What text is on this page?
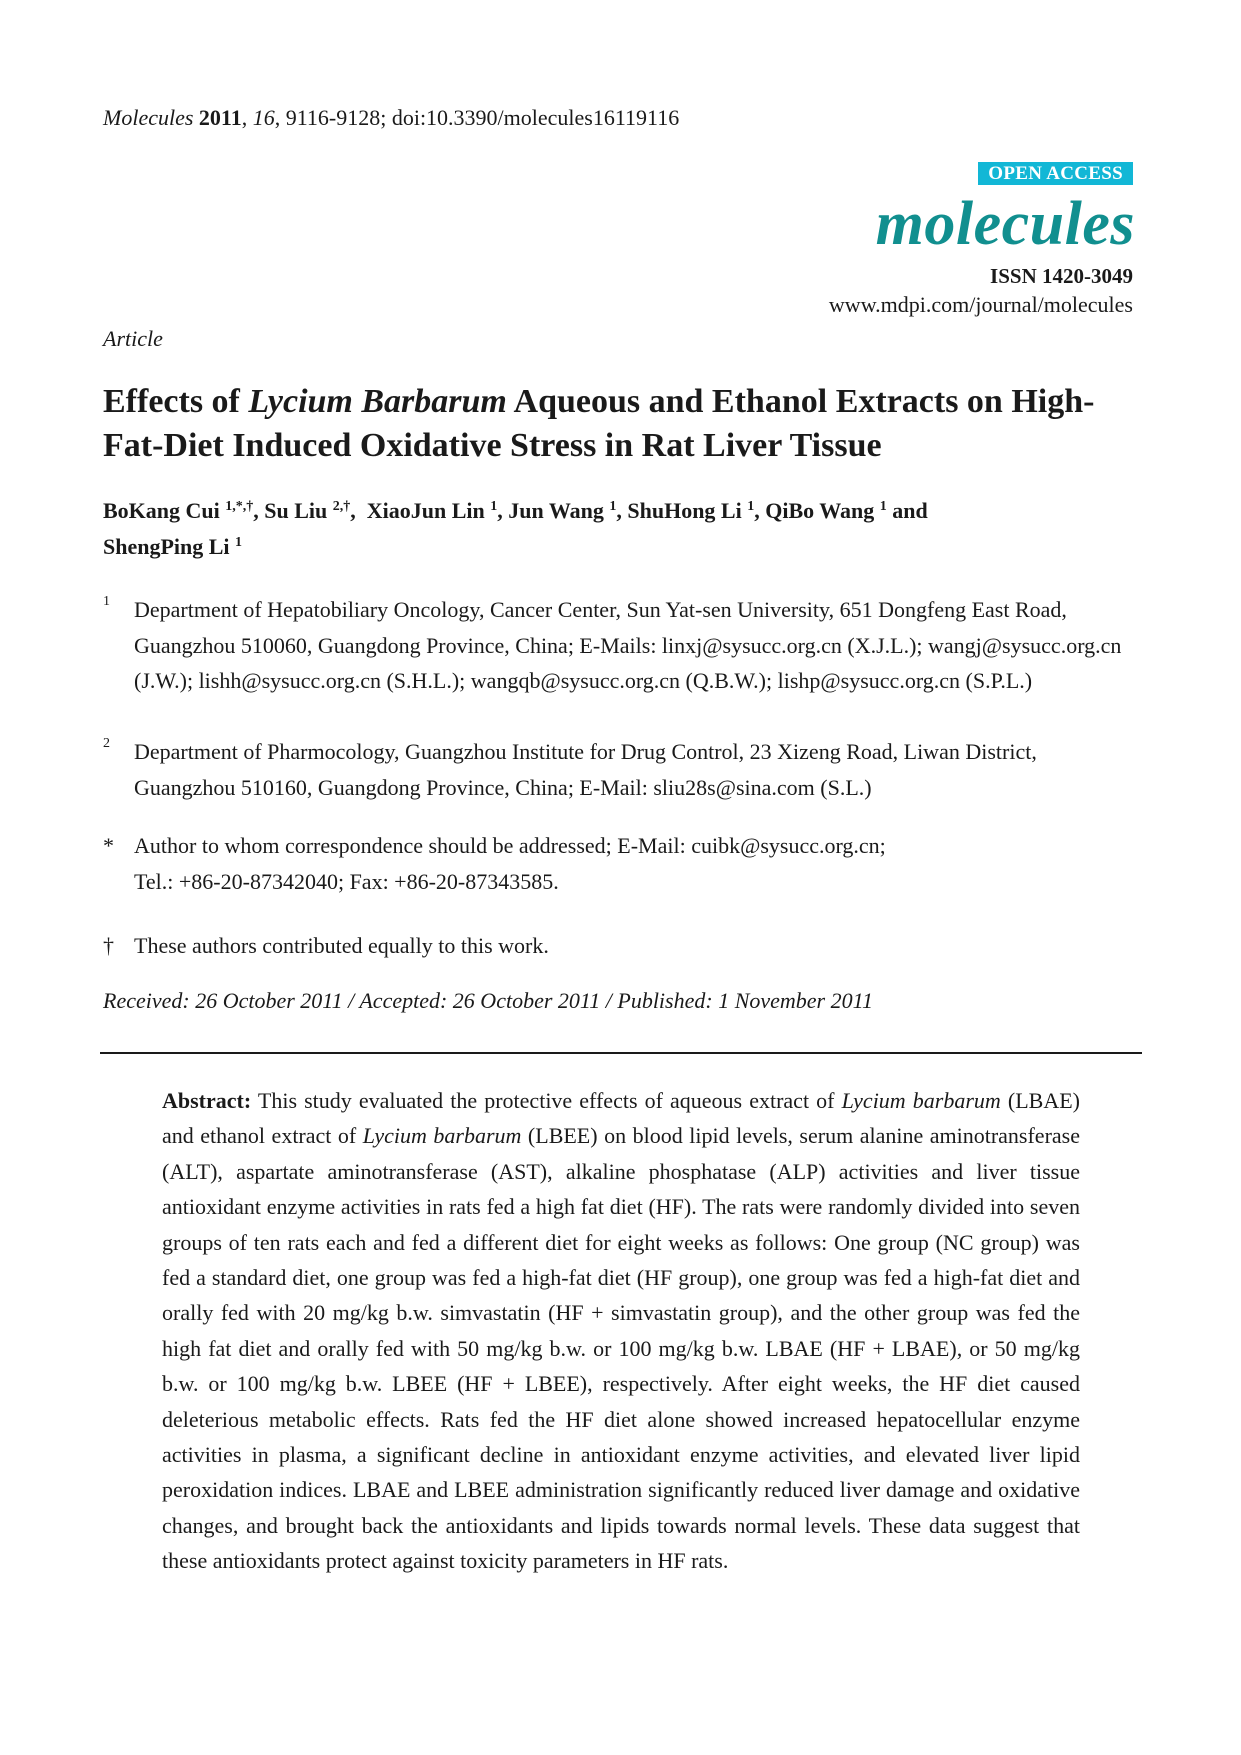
Molecules 2011, 16, 9116-9128; doi:10.3390/molecules16119116
OPEN ACCESS
molecules
ISSN 1420-3049
www.mdpi.com/journal/molecules
Article
Effects of Lycium Barbarum Aqueous and Ethanol Extracts on High-Fat-Diet Induced Oxidative Stress in Rat Liver Tissue
BoKang Cui $^{1,*,\dagger}$, Su Liu $^{2,\dagger}$,  XiaoJun Lin $^1$, Jun Wang $^1$, ShuHong Li $^1$, QiBo Wang $^1$ and
ShengPing Li $^1$
1 Department of Hepatobiliary Oncology, Cancer Center, Sun Yat-sen University, 651 Dongfeng East Road, Guangzhou 510060, Guangdong Province, China; E-Mails: linxj@sysucc.org.cn (X.J.L.); wangj@sysucc.org.cn (J.W.); lishh@sysucc.org.cn (S.H.L.); wangqb@sysucc.org.cn (Q.B.W.); lishp@sysucc.org.cn (S.P.L.)
2 Department of Pharmocology, Guangzhou Institute for Drug Control, 23 Xizeng Road, Liwan District, Guangzhou 510160, Guangdong Province, China; E-Mail: sliu28s@sina.com (S.L.)
* Author to whom correspondence should be addressed; E-Mail: cuibk@sysucc.org.cn;
Tel.: +86-20-87342040; Fax: +86-20-87343585.
† These authors contributed equally to this work.
Received: 26 October 2011 / Accepted: 26 October 2011 / Published: 1 November 2011
Abstract: This study evaluated the protective effects of aqueous extract of Lycium barbarum (LBAE) and ethanol extract of Lycium barbarum (LBEE) on blood lipid levels, serum alanine aminotransferase (ALT), aspartate aminotransferase (AST), alkaline phosphatase (ALP) activities and liver tissue antioxidant enzyme activities in rats fed a high fat diet (HF). The rats were randomly divided into seven groups of ten rats each and fed a different diet for eight weeks as follows: One group (NC group) was fed a standard diet, one group was fed a high-fat diet (HF group), one group was fed a high-fat diet and orally fed with 20 mg/kg b.w. simvastatin (HF + simvastatin group), and the other group was fed the high fat diet and orally fed with 50 mg/kg b.w. or 100 mg/kg b.w. LBAE (HF + LBAE), or 50 mg/kg b.w. or 100 mg/kg b.w. LBEE (HF + LBEE), respectively. After eight weeks, the HF diet caused deleterious metabolic effects. Rats fed the HF diet alone showed increased hepatocellular enzyme activities in plasma, a significant decline in antioxidant enzyme activities, and elevated liver lipid peroxidation indices. LBAE and LBEE administration significantly reduced liver damage and oxidative changes, and brought back the antioxidants and lipids towards normal levels. These data suggest that these antioxidants protect against toxicity parameters in HF rats.
